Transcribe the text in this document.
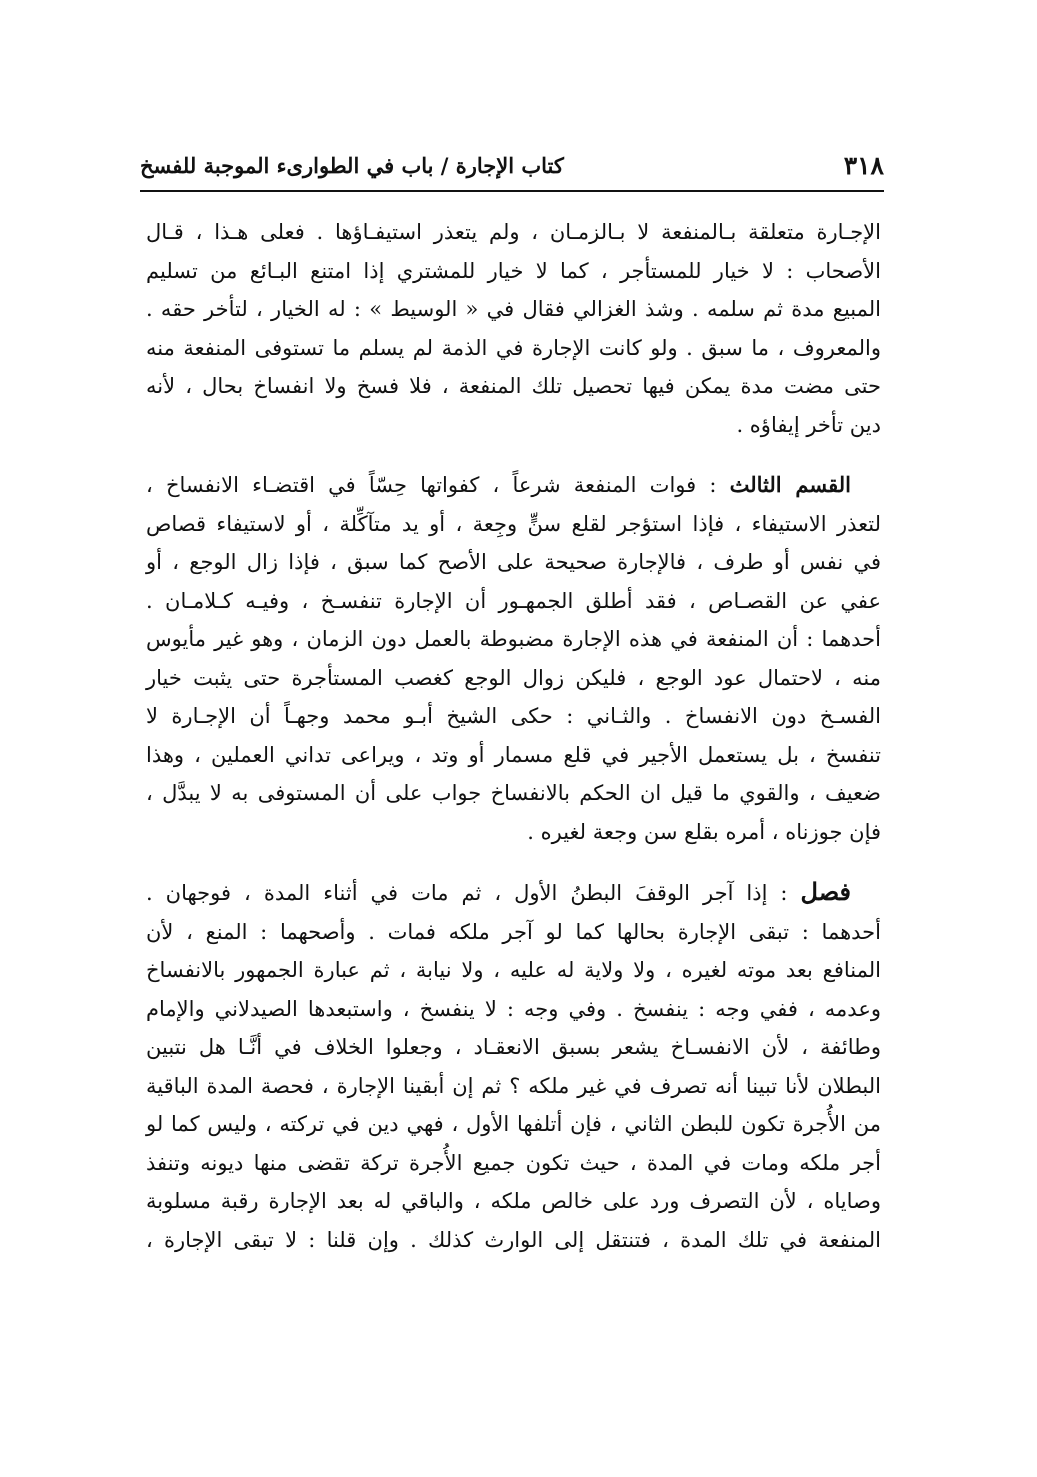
٣١٨
كتاب الإجارة / باب في الطوارىء الموجبة للفسخ
الإجـارة متعلقة بـالمنفعة لا بـالزمـان ، ولم يتعذر استيفـاؤها . فعلى هـذا ، قـال
الأصحاب : لا خيار للمستأجر ، كما لا خيار للمشتري إذا امتنع البـائع من تسليم
المبيع مدة ثم سلمه . وشذ الغزالي فقال في « الوسيط » : له الخيار ، لتأخر حقه .
والمعروف ، ما سبق . ولو كانت الإجارة في الذمة لم يسلم ما تستوفى المنفعة منه
حتى مضت مدة يمكن فيها تحصيل تلك المنفعة ، فلا فسخ ولا انفساخ بحال ، لأنه
دين تأخر إيفاؤه .
القسم الثالث : فوات المنفعة شرعاً ، كفواتها حِسّاً في اقتضـاء الانفساخ ،
لتعذر الاستيفاء ، فإذا استؤجر لقلع سنٍّ وجِعة ، أو يد متآكِّلة ، أو لاستيفاء قصاص
في نفس أو طرف ، فالإجارة صحيحة على الأصح كما سبق ، فإذا زال الوجع ، أو
عفي عن القصـاص ، فقد أطلق الجمهـور أن الإجارة تنفسـخ ، وفيـه كـلامـان .
أحدهما : أن المنفعة في هذه الإجارة مضبوطة بالعمل دون الزمان ، وهو غير مأيوس
منه ، لاحتمال عود الوجع ، فليكن زوال الوجع كغصب المستأجرة حتى يثبت خيار
الفسـخ دون الانفساخ . والثـاني : حكى الشيخ أبـو محمد وجهـاً أن الإجـارة لا
تنفسخ ، بل يستعمل الأجير في قلع مسمار أو وتد ، ويراعى تداني العملين ، وهذا
ضعيف ، والقوي ما قيل ان الحكم بالانفساخ جواب على أن المستوفى به لا يبدَّل ،
فإن جوزناه ، أمره بقلع سن وجعة لغيره .
فصل : إذا آجر الوقفَ البطنُ الأول ، ثم مات في أثناء المدة ، فوجهان .
أحدهما : تبقى الإجارة بحالها كما لو آجر ملكه فمات . وأصحهما : المنع ، لأن
المنافع بعد موته لغيره ، ولا ولاية له عليه ، ولا نيابة ، ثم عبارة الجمهور بالانفساخ
وعدمه ، ففي وجه : ينفسخ . وفي وجه : لا ينفسخ ، واستبعدها الصيدلاني والإمام
وطائفة ، لأن الانفسـاخ يشعر بسبق الانعقـاد ، وجعلوا الخلاف في أنَّـا هل نتبين
البطلان لأنا تبينا أنه تصرف في غير ملكه ؟ ثم إن أبقينا الإجارة ، فحصة المدة الباقية
من الأُجرة تكون للبطن الثاني ، فإن أتلفها الأول ، فهي دين في تركته ، وليس كما لو
أجر ملكه ومات في المدة ، حيث تكون جميع الأُجرة تركة تقضى منها ديونه وتنفذ
وصاياه ، لأن التصرف ورد على خالص ملكه ، والباقي له بعد الإجارة رقبة مسلوبة
المنفعة في تلك المدة ، فتنتقل إلى الوارث كذلك . وإن قلنا : لا تبقى الإجارة ،
